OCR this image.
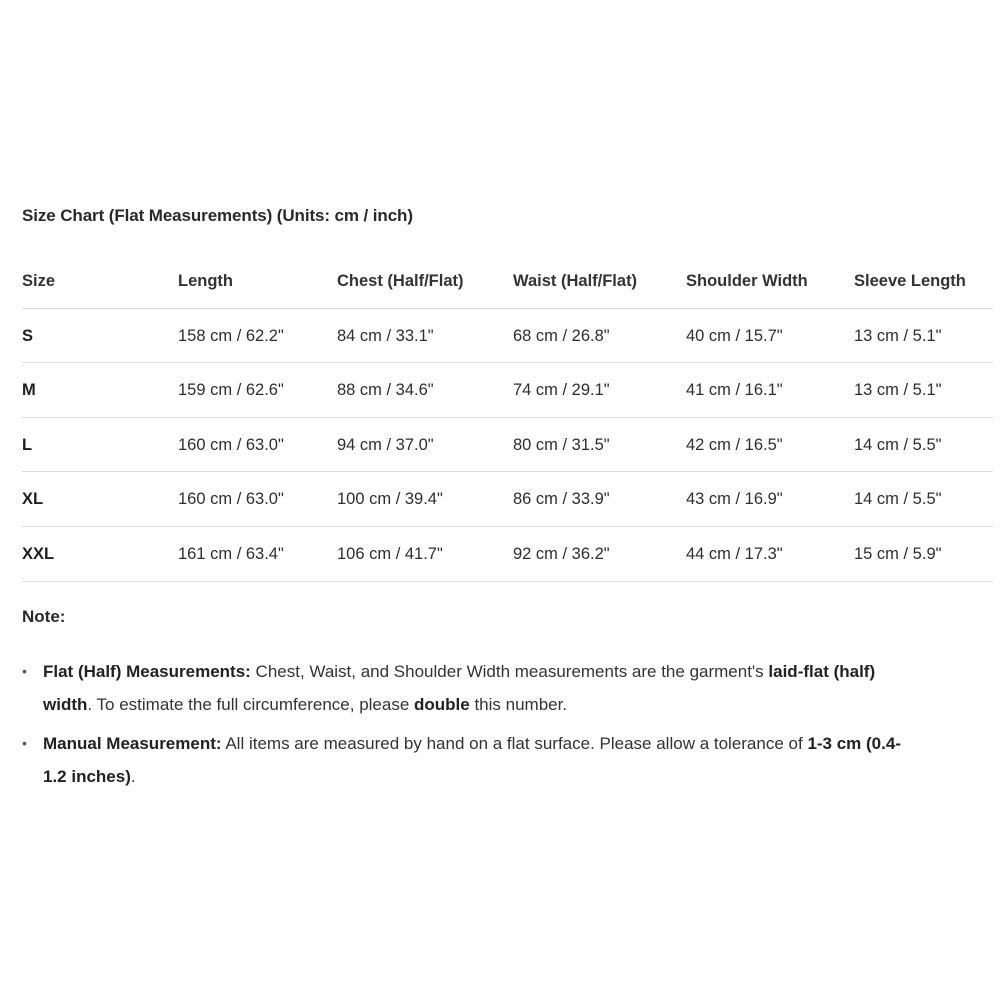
Size Chart (Flat Measurements) (Units: cm / inch)
Size	Length	Chest (Half/Flat)	Waist (Half/Flat)	Shoulder Width	Sleeve Length
S	158 cm / 62.2"	84 cm / 33.1"	68 cm / 26.8"	40 cm / 15.7"	13 cm / 5.1"
M	159 cm / 62.6"	88 cm / 34.6"	74 cm / 29.1"	41 cm / 16.1"	13 cm / 5.1"
L	160 cm / 63.0"	94 cm / 37.0"	80 cm / 31.5"	42 cm / 16.5"	14 cm / 5.5"
XL	160 cm / 63.0"	100 cm / 39.4"	86 cm / 33.9"	43 cm / 16.9"	14 cm / 5.5"
XXL	161 cm / 63.4"	106 cm / 41.7"	92 cm / 36.2"	44 cm / 17.3"	15 cm / 5.9"
Note:
• Flat (Half) Measurements: Chest, Waist, and Shoulder Width measurements are the garment's laid-flat (half) width. To estimate the full circumference, please double this number.
• Manual Measurement: All items are measured by hand on a flat surface. Please allow a tolerance of 1-3 cm (0.4-1.2 inches).
